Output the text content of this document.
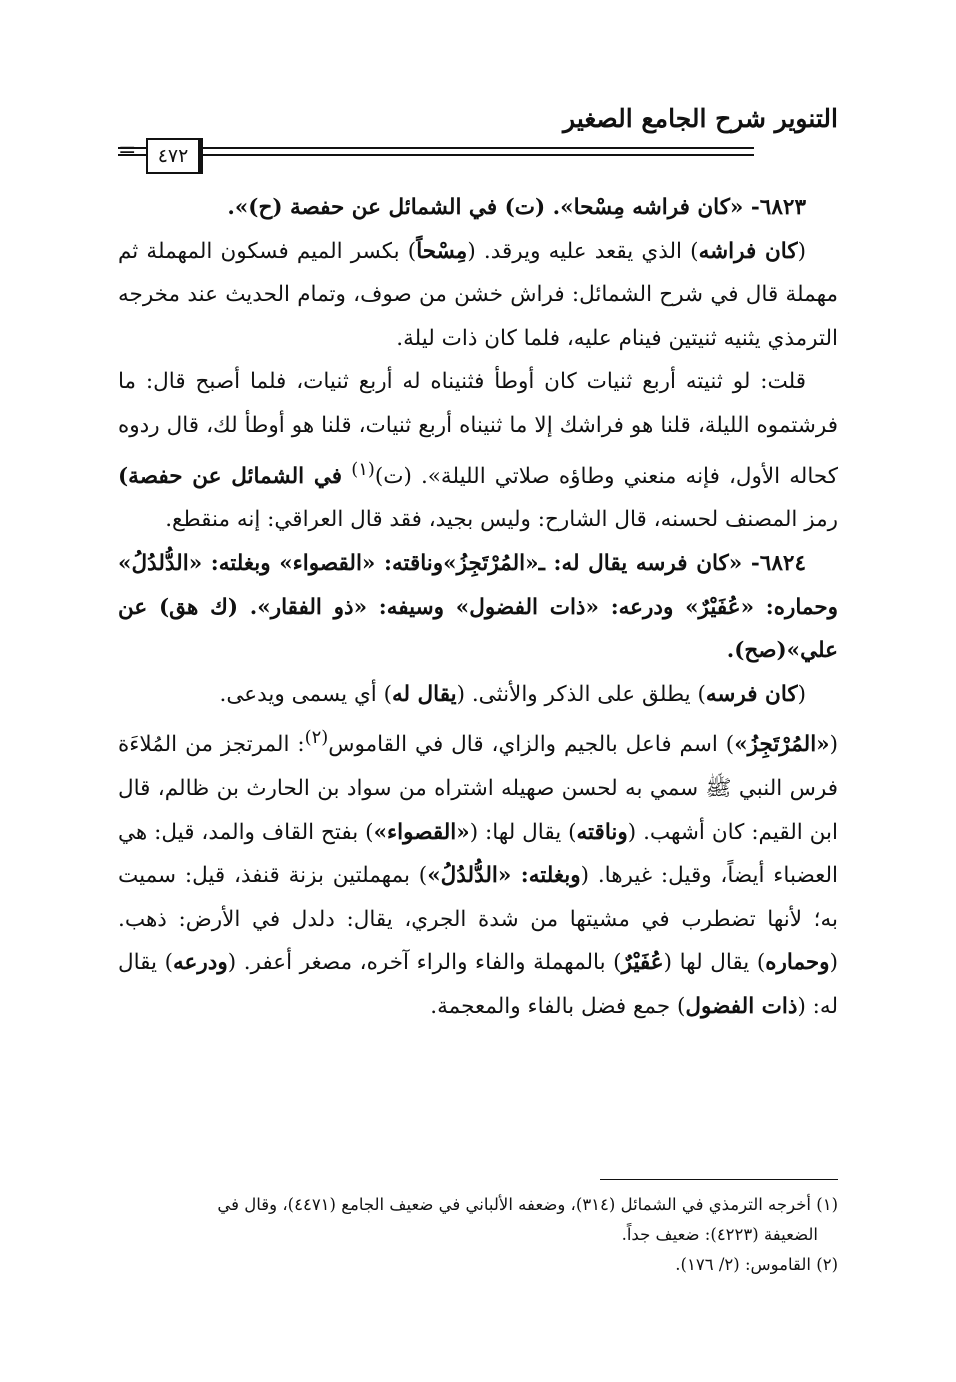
التنوير شرح الجامع الصغير
٤٧٢
=

٦٨٢٣- «كان فراشه مِسْحا». (ت) في الشمائل عن حفصة (ح)».

(كان فراشه) الذي يقعد عليه ويرقد. (مِسْحاً) بكسر الميم فسكون المهملة ثم مهملة قال في شرح الشمائل: فراش خشن من صوف، وتمام الحديث عند مخرجه الترمذي يثنيه ثنيتين فينام عليه، فلما كان ذات ليلة.

قلت: لو ثنيته أربع ثنيات كان أوطأ فثنيناه له أربع ثنيات، فلما أصبح قال: ما فرشتموه الليلة، قلنا هو فراشك إلا ما ثنيناه أربع ثنيات، قلنا هو أوطأ لك، قال ردوه كحاله الأول، فإنه منعني وطاؤه صلاتي الليلة». (ت)$^{(١)}$ في الشمائل عن حفصة) رمز المصنف لحسنه، قال الشارح: وليس بجيد، فقد قال العراقي: إنه منقطع.

٦٨٢٤- «كان فرسه يقال له: ـ«المُرْتَجِزُ»وناقته: «القصواء» وبغلته: «الدُّلدُلُ» وحماره: «عُفَيْرٌ» ودرعه: «ذات الفضول» وسيفه: «ذو الفقار». (ك هق) عن علي»(صح).

(كان فرسه) يطلق على الذكر والأنثى. (يقال له) أي يسمى ويدعى.

(«المُرْتَجِزُ») اسم فاعل بالجيم والزاي، قال في القاموس$^{(٢)}$: المرتجز من المُلاءَة فرس النبي ﷺ سمي به لحسن صهيله اشتراه من سواد بن الحارث بن ظالم، قال ابن القيم: كان أشهب. (وناقته) يقال لها: («القصواء») بفتح القاف والمد، قيل: هي العضباء أيضاً، وقيل: غيرها. (وبغلته: «الدُّلدُلُ») بمهملتين بزنة قنفذ، قيل: سميت به؛ لأنها تضطرب في مشيتها من شدة الجري، يقال: دلدل في الأرض: ذهب. (وحماره) يقال لها (عُفَيْرٌ) بالمهملة والفاء والراء آخره، مصغر أعفر. (ودرعه) يقال له: (ذات الفضول) جمع فضل بالفاء والمعجمة.

(١) أخرجه الترمذي في الشمائل (٣١٤)، وضعفه الألباني في ضعيف الجامع (٤٤٧١)، وقال في

الضعيفة (٤٢٢٣): ضعيف جداً.

(٢) القاموس: (٢/ ١٧٦).
